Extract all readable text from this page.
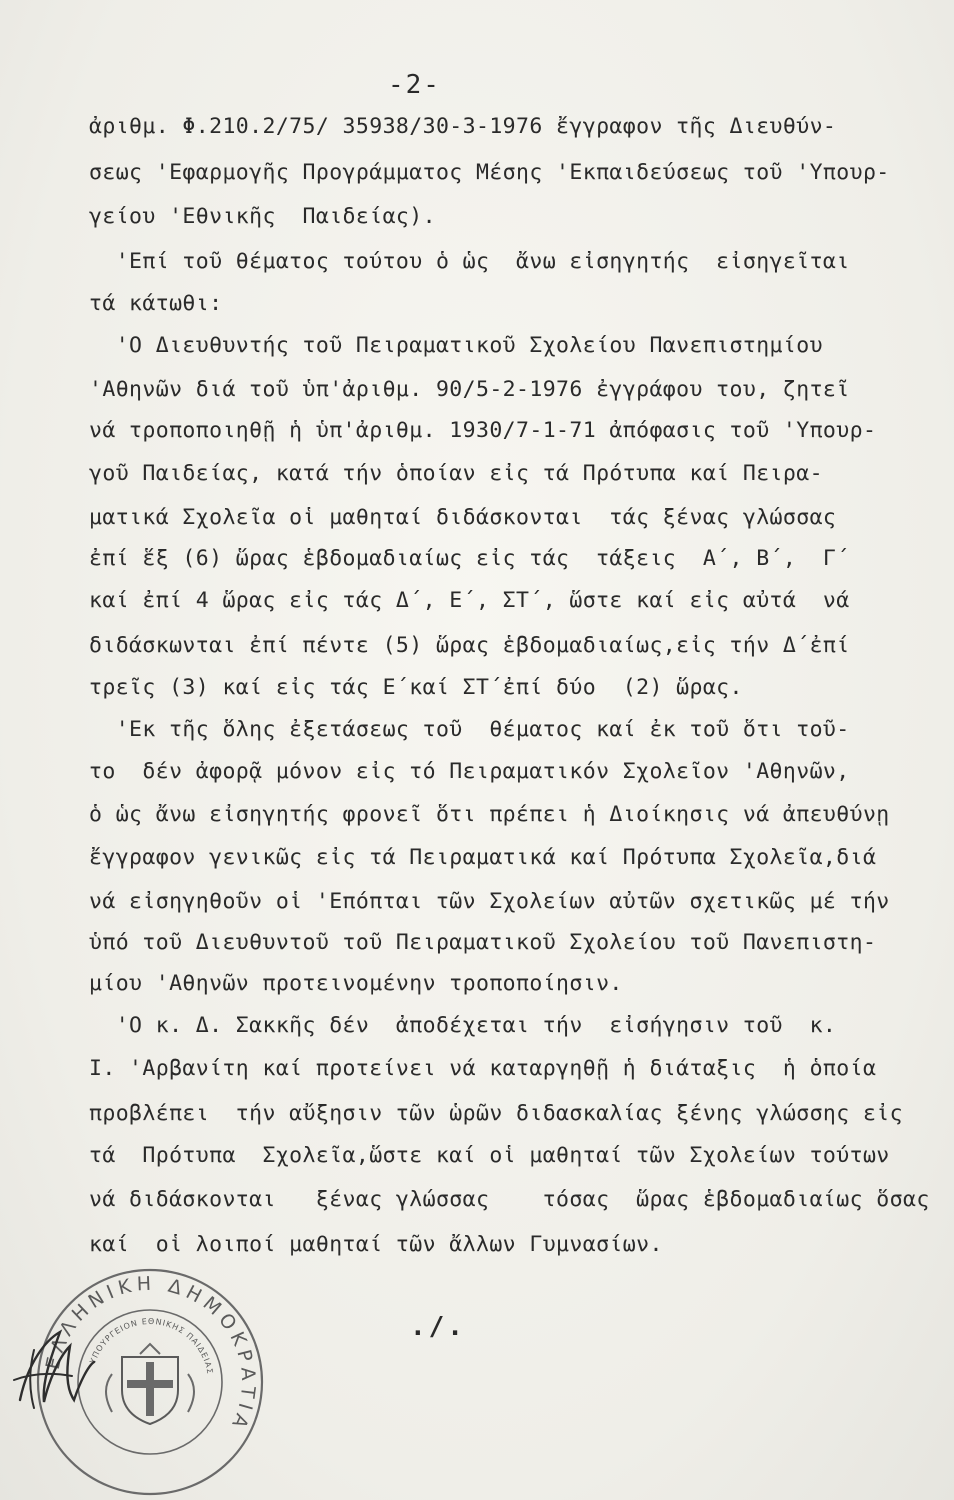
-2-
ἀριθμ. Φ.210.2/75/ 35938/30-3-1976 ἔγγραφον τῆς Διευθύν-
σεως 'Εφαρμογῆς Προγράμματος Μέσης 'Εκπαιδεύσεως τοῦ 'Υπουρ-
γείου 'Εθνικῆς  Παιδείας).
'Επί τοῦ θέματος τούτου ὁ ὡς  ἄνω εἰσηγητής  εἰσηγεῖται
τά κάτωθι:
'Ο Διευθυντής τοῦ Πειραματικοῦ Σχολείου Πανεπιστημίου
'Αθηνῶν διά τοῦ ὑπ'ἀριθμ. 90/5-2-1976 ἐγγράφου του, ζητεῖ
νά τροποποιηθῇ ἡ ὑπ'ἀριθμ. 1930/7-1-71 ἀπόφασις τοῦ 'Υπουρ-
γοῦ Παιδείας, κατά τήν ὁποίαν εἰς τά Πρότυπα καί Πειρα-
ματικά Σχολεῖα οἱ μαθηταί διδάσκονται  τάς ξένας γλώσσας
ἐπί ἕξ (6) ὥρας ἑβδομαδιαίως εἰς τάς  τάξεις  Α΄, Β΄,  Γ΄
καί ἐπί 4 ὥρας εἰς τάς Δ΄, Ε΄, ΣΤ΄, ὥστε καί εἰς αὐτά  νά
διδάσκωνται ἐπί πέντε (5) ὥρας ἑβδομαδιαίως,εἰς τήν Δ΄ἐπί
τρεῖς (3) καί εἰς τάς Ε΄καί ΣΤ΄ἐπί δύο  (2) ὥρας.
'Εκ τῆς ὅλης ἐξετάσεως τοῦ  θέματος καί ἐκ τοῦ ὅτι τοῦ-
το  δέν ἀφορᾷ μόνον εἰς τό Πειραματικόν Σχολεῖον 'Αθηνῶν,
ὁ ὡς ἄνω εἰσηγητής φρονεῖ ὅτι πρέπει ἡ Διοίκησις νά ἀπευθύνῃ
ἔγγραφον γενικῶς εἰς τά Πειραματικά καί Πρότυπα Σχολεῖα,διά
νά εἰσηγηθοῦν οἱ 'Επόπται τῶν Σχολείων αὐτῶν σχετικῶς μέ τήν
ὑπό τοῦ Διευθυντοῦ τοῦ Πειραματικοῦ Σχολείου τοῦ Πανεπιστη-
μίου 'Αθηνῶν προτεινομένην τροποποίησιν.
'Ο κ. Δ. Σακκῆς δέν  ἀποδέχεται τήν  εἰσήγησιν τοῦ  κ.
Ι. 'Αρβανίτη καί προτείνει νά καταργηθῇ ἡ διάταξις  ἡ ὁποία
προβλέπει  τήν αὔξησιν τῶν ὡρῶν διδασκαλίας ξένης γλώσσης εἰς
τά  Πρότυπα  Σχολεῖα,ὥστε καί οἱ μαθηταί τῶν Σχολείων τούτων
νά διδάσκονται   ξένας γλώσσας    τόσας  ὥρας ἑβδομαδιαίως ὅσας
καί  οἱ λοιποί μαθηταί τῶν ἄλλων Γυμνασίων.
./.
ΕΛΛΗΝΙΚΗ ΔΗΜΟΚΡΑΤΙΑ
ΥΠΟΥΡΓΕΙΟΝ ΕΘΝΙΚΗΣ ΠΑΙΔΕΙΑΣ
